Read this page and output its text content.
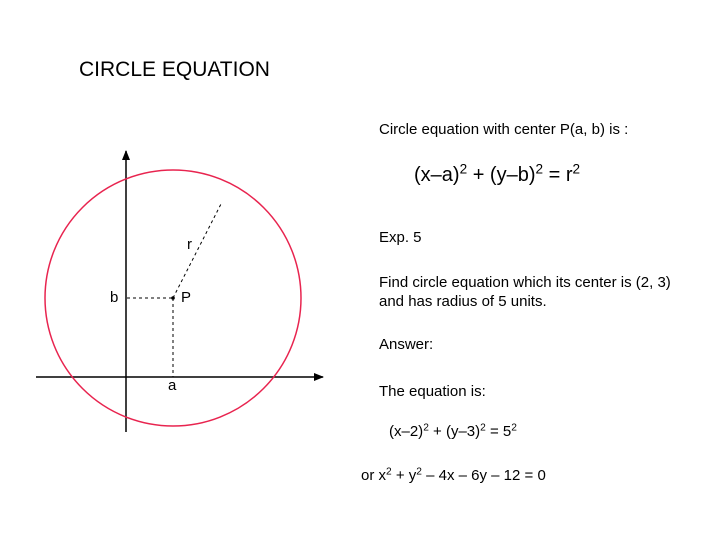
r
b	P
a
CIRCLE EQUATION
Circle equation with center P(a, b) is :
$(x-a)^2 + (y-b)^2 = r^2$
Exp. 5
Find circle equation which its center is (2, 3) and has radius of 5 units.
Answer:
The equation is:
$(x-2)^2 + (y-3)^2 = 5^2$
or $x^2 + y^2 - 4x - 6y - 12 = 0$
